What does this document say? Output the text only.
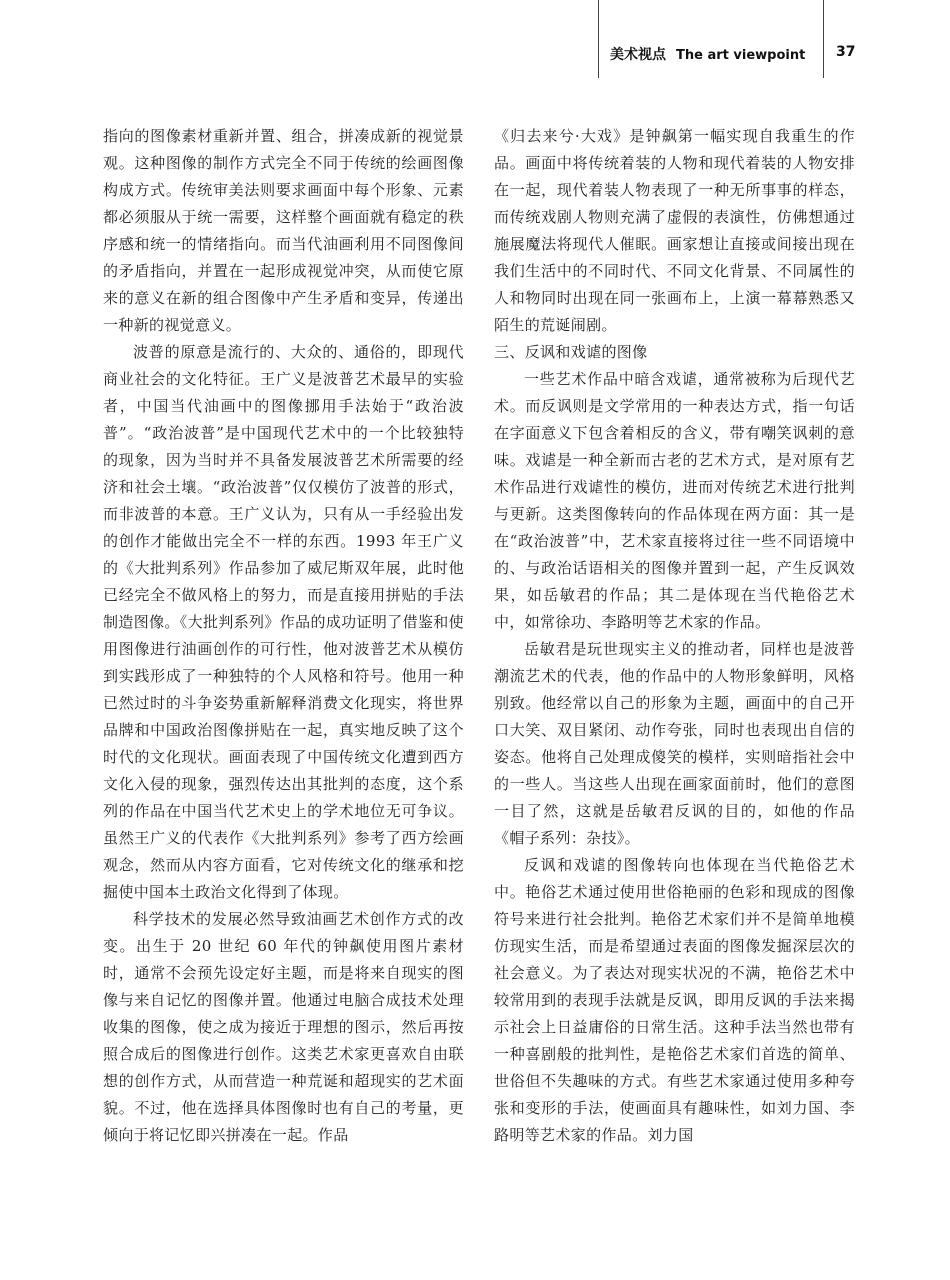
美术视点 The art viewpoint	37

指向的图像素材重新并置、组合，拼凑成新的视觉景观。这种图像的制作方式完全不同于传统的绘画图像构成方式。传统审美法则要求画面中每个形象、元素都必须服从于统一需要，这样整个画面就有稳定的秩序感和统一的情绪指向。而当代油画利用不同图像间的矛盾指向，并置在一起形成视觉冲突，从而使它原来的意义在新的组合图像中产生矛盾和变异，传递出一种新的视觉意义。

波普的原意是流行的、大众的、通俗的，即现代商业社会的文化特征。王广义是波普艺术最早的实验者，中国当代油画中的图像挪用手法始于“政治波普”。“政治波普”是中国现代艺术中的一个比较独特的现象，因为当时并不具备发展波普艺术所需要的经济和社会土壤。“政治波普”仅仅模仿了波普的形式，而非波普的本意。王广义认为，只有从一手经验出发的创作才能做出完全不一样的东西。1993 年王广义的《大批判系列》作品参加了威尼斯双年展，此时他已经完全不做风格上的努力，而是直接用拼贴的手法制造图像。《大批判系列》作品的成功证明了借鉴和使用图像进行油画创作的可行性，他对波普艺术从模仿到实践形成了一种独特的个人风格和符号。他用一种已然过时的斗争姿势重新解释消费文化现实，将世界品牌和中国政治图像拼贴在一起，真实地反映了这个时代的文化现状。画面表现了中国传统文化遭到西方文化入侵的现象，强烈传达出其批判的态度，这个系列的作品在中国当代艺术史上的学术地位无可争议。虽然王广义的代表作《大批判系列》参考了西方绘画观念，然而从内容方面看，它对传统文化的继承和挖掘使中国本土政治文化得到了体现。

科学技术的发展必然导致油画艺术创作方式的改变。出生于 20 世纪 60 年代的钟飙使用图片素材时，通常不会预先设定好主题，而是将来自现实的图像与来自记忆的图像并置。他通过电脑合成技术处理收集的图像，使之成为接近于理想的图示，然后再按照合成后的图像进行创作。这类艺术家更喜欢自由联想的创作方式，从而营造一种荒诞和超现实的艺术面貌。不过，他在选择具体图像时也有自己的考量，更倾向于将记忆即兴拼凑在一起。作品

《归去来兮·大戏》是钟飙第一幅实现自我重生的作品。画面中将传统着装的人物和现代着装的人物安排在一起，现代着装人物表现了一种无所事事的样态，而传统戏剧人物则充满了虚假的表演性，仿佛想通过施展魔法将现代人催眠。画家想让直接或间接出现在我们生活中的不同时代、不同文化背景、不同属性的人和物同时出现在同一张画布上，上演一幕幕熟悉又陌生的荒诞闹剧。

三、反讽和戏谑的图像

一些艺术作品中暗含戏谑，通常被称为后现代艺术。而反讽则是文学常用的一种表达方式，指一句话在字面意义下包含着相反的含义，带有嘲笑讽刺的意味。戏谑是一种全新而古老的艺术方式，是对原有艺术作品进行戏谑性的模仿，进而对传统艺术进行批判与更新。这类图像转向的作品体现在两方面：其一是在“政治波普”中，艺术家直接将过往一些不同语境中的、与政治话语相关的图像并置到一起，产生反讽效果，如岳敏君的作品；其二是体现在当代艳俗艺术中，如常徐功、李路明等艺术家的作品。

岳敏君是玩世现实主义的推动者，同样也是波普潮流艺术的代表，他的作品中的人物形象鲜明，风格别致。他经常以自己的形象为主题，画面中的自己开口大笑、双目紧闭、动作夸张，同时也表现出自信的姿态。他将自己处理成傻笑的模样，实则暗指社会中的一些人。当这些人出现在画家面前时，他们的意图一目了然，这就是岳敏君反讽的目的，如他的作品《帽子系列：杂技》。

反讽和戏谑的图像转向也体现在当代艳俗艺术中。艳俗艺术通过使用世俗艳丽的色彩和现成的图像符号来进行社会批判。艳俗艺术家们并不是简单地模仿现实生活，而是希望通过表面的图像发掘深层次的社会意义。为了表达对现实状况的不满，艳俗艺术中较常用到的表现手法就是反讽，即用反讽的手法来揭示社会上日益庸俗的日常生活。这种手法当然也带有一种喜剧般的批判性，是艳俗艺术家们首选的简单、世俗但不失趣味的方式。有些艺术家通过使用多种夸张和变形的手法，使画面具有趣味性，如刘力国、李路明等艺术家的作品。刘力国
